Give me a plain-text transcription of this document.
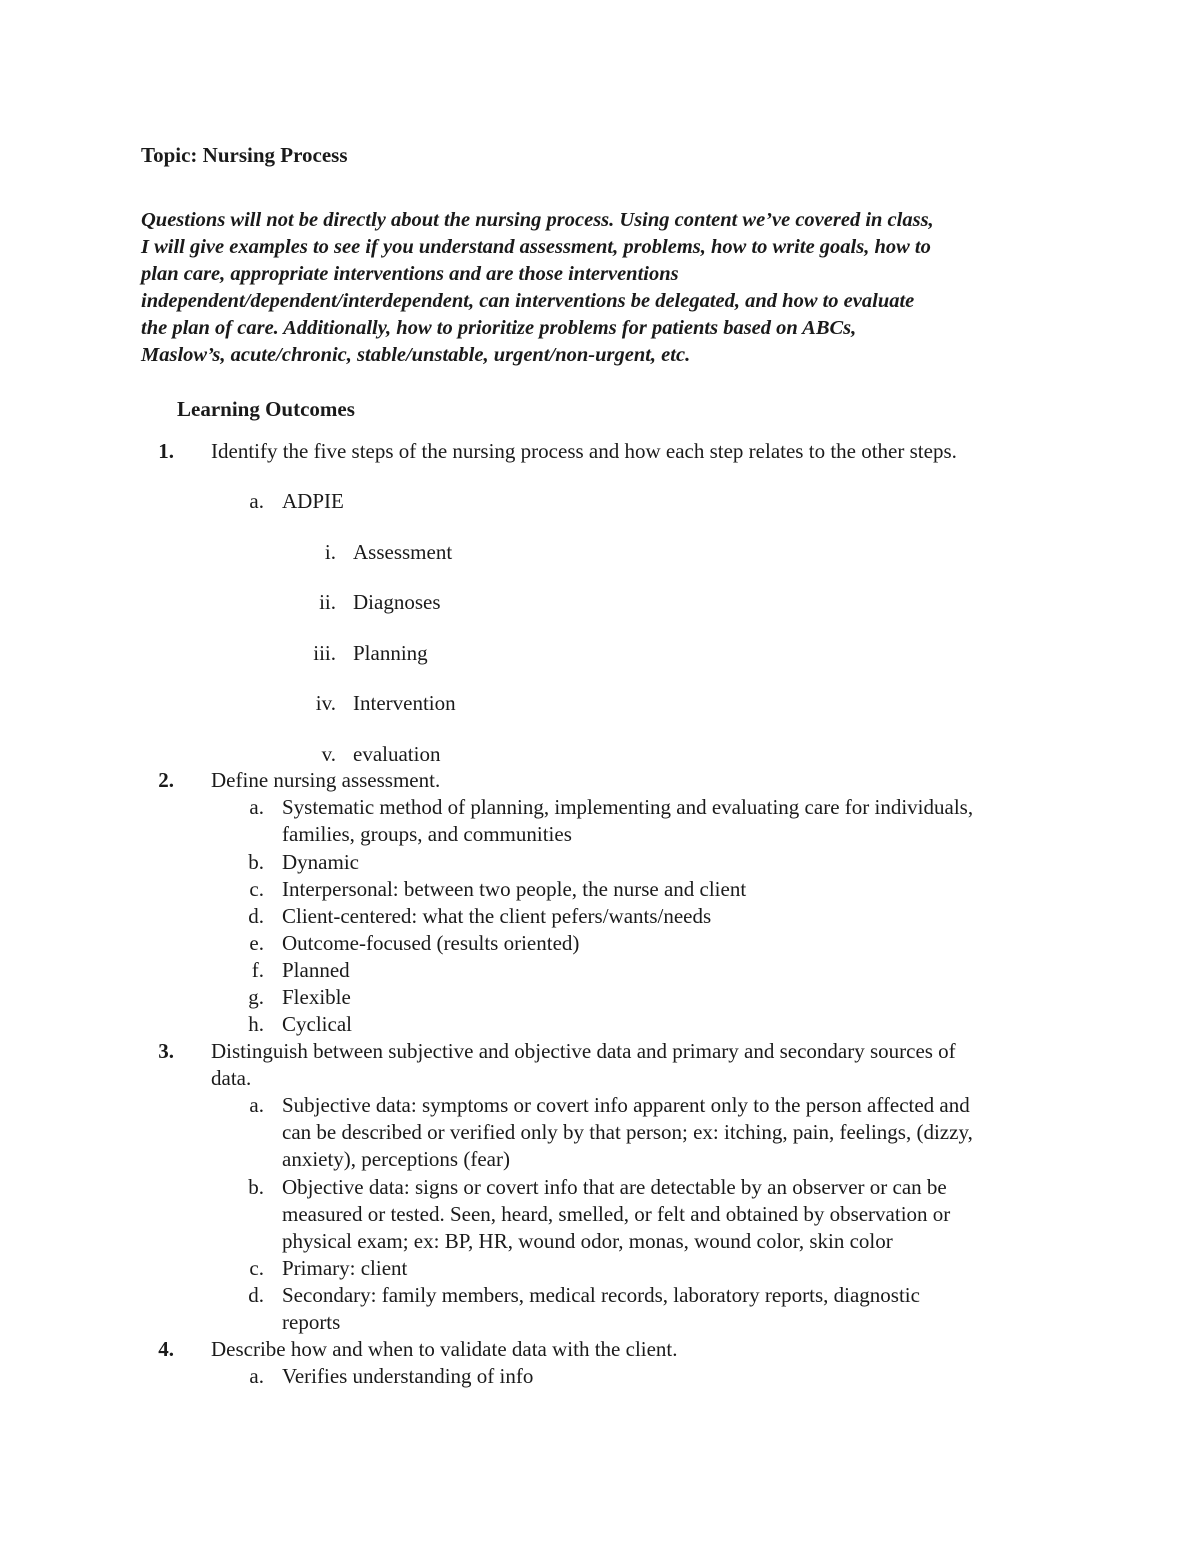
Topic: Nursing Process

Questions will not be directly about the nursing process. Using content we’ve covered in class,
I will give examples to see if you understand assessment, problems, how to write goals, how to
plan care, appropriate interventions and are those interventions
independent/dependent/interdependent, can interventions be delegated, and how to evaluate
the plan of care. Additionally, how to prioritize problems for patients based on ABCs,
Maslow’s, acute/chronic, stable/unstable, urgent/non-urgent, etc.

Learning Outcomes

1. Identify the five steps of the nursing process and how each step relates to the other steps.
a. ADPIE
i. Assessment
ii. Diagnoses
iii. Planning
iv. Intervention
v. evaluation
2. Define nursing assessment.
a. Systematic method of planning, implementing and evaluating care for individuals,
families, groups, and communities
b. Dynamic
c. Interpersonal: between two people, the nurse and client
d. Client-centered: what the client pefers/wants/needs
e. Outcome-focused (results oriented)
f. Planned
g. Flexible
h. Cyclical
3. Distinguish between subjective and objective data and primary and secondary sources of
data.
a. Subjective data: symptoms or covert info apparent only to the person affected and
can be described or verified only by that person; ex: itching, pain, feelings, (dizzy,
anxiety), perceptions (fear)
b. Objective data: signs or covert info that are detectable by an observer or can be
measured or tested. Seen, heard, smelled, or felt and obtained by observation or
physical exam; ex: BP, HR, wound odor, monas, wound color, skin color
c. Primary: client
d. Secondary: family members, medical records, laboratory reports, diagnostic
reports
4. Describe how and when to validate data with the client.
a. Verifies understanding of info
